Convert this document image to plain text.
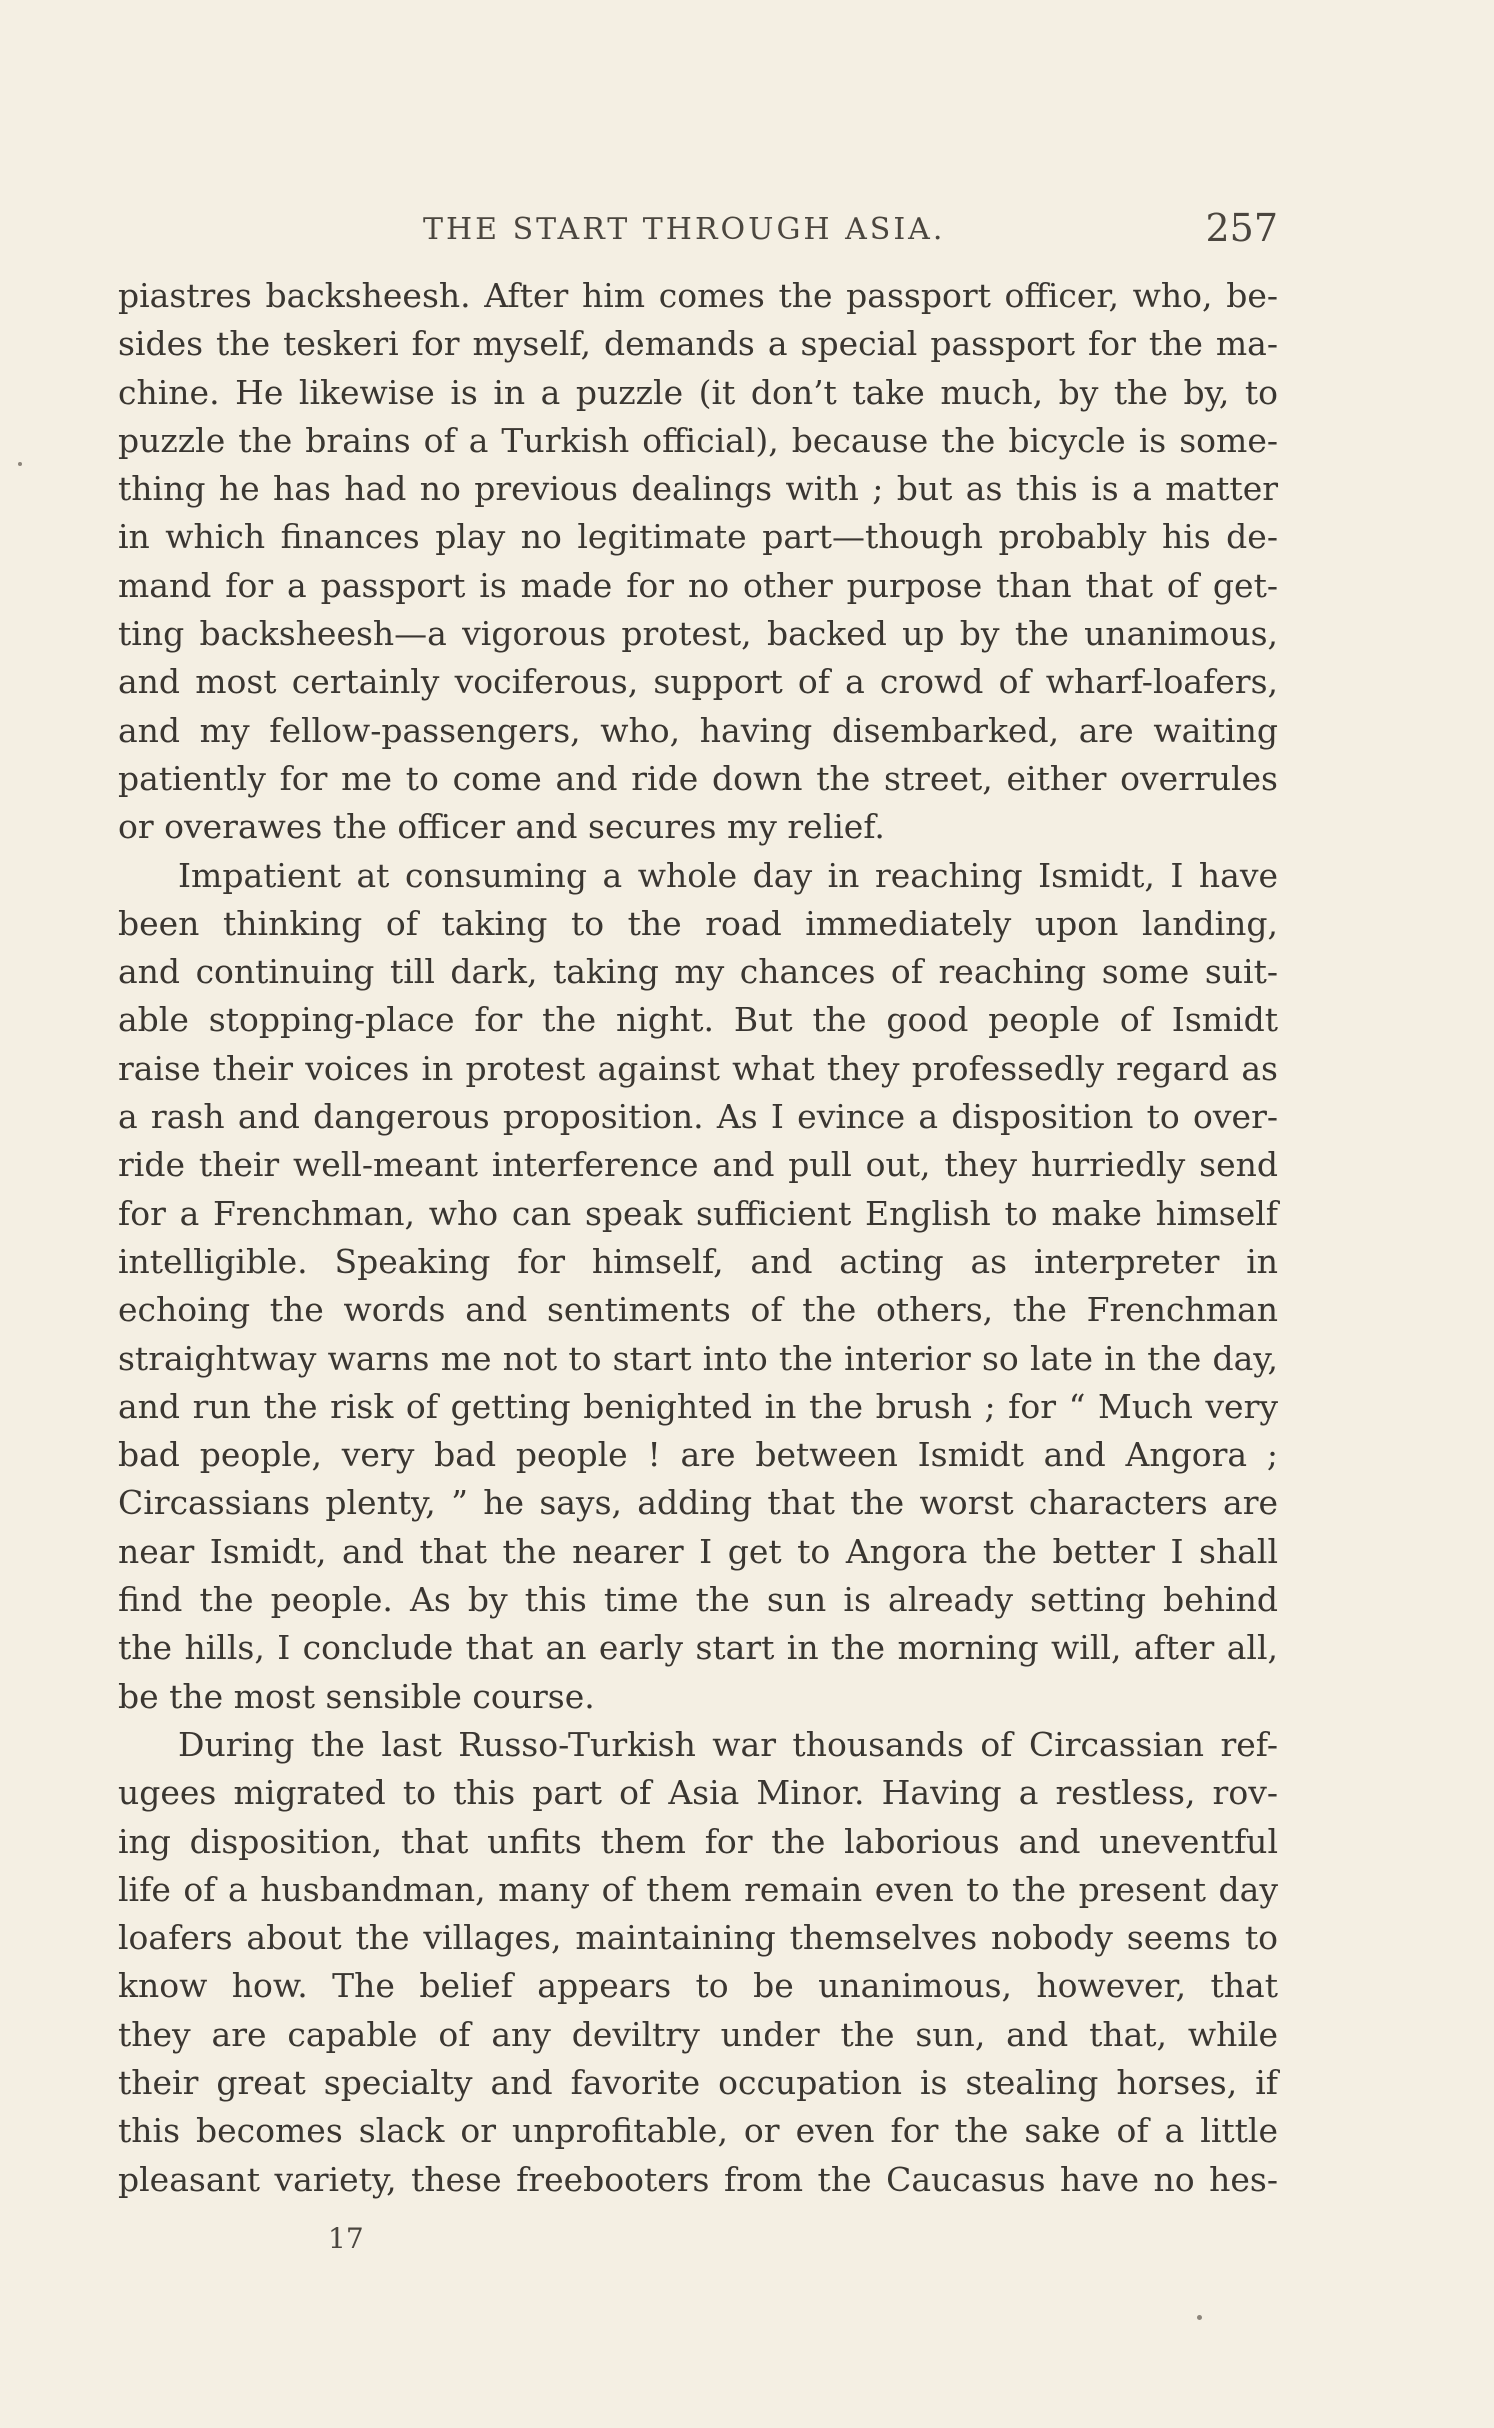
THE START THROUGH ASIA.	257
piastres backsheesh. After him comes the passport officer, who, be-
sides the teskeri for myself, demands a special passport for the ma-
chine. He likewise is in a puzzle (it don’t take much, by the by, to
puzzle the brains of a Turkish official), because the bicycle is some-
thing he has had no previous dealings with ; but as this is a matter
in which finances play no legitimate part—though probably his de-
mand for a passport is made for no other purpose than that of get-
ting backsheesh—a vigorous protest, backed up by the unanimous,
and most certainly vociferous, support of a crowd of wharf-loafers,
and my fellow-passengers, who, having disembarked, are waiting
patiently for me to come and ride down the street, either overrules
or overawes the officer and secures my relief.
Impatient at consuming a whole day in reaching Ismidt, I have
been thinking of taking to the road immediately upon landing,
and continuing till dark, taking my chances of reaching some suit-
able stopping-place for the night. But the good people of Ismidt
raise their voices in protest against what they professedly regard as
a rash and dangerous proposition. As I evince a disposition to over-
ride their well-meant interference and pull out, they hurriedly send
for a Frenchman, who can speak sufficient English to make himself
intelligible. Speaking for himself, and acting as interpreter in
echoing the words and sentiments of the others, the Frenchman
straightway warns me not to start into the interior so late in the day,
and run the risk of getting benighted in the brush ; for “ Much very
bad people, very bad people ! are between Ismidt and Angora ;
Circassians plenty, ” he says, adding that the worst characters are
near Ismidt, and that the nearer I get to Angora the better I shall
find the people. As by this time the sun is already setting behind
the hills, I conclude that an early start in the morning will, after all,
be the most sensible course.
During the last Russo-Turkish war thousands of Circassian ref-
ugees migrated to this part of Asia Minor. Having a restless, rov-
ing disposition, that unfits them for the laborious and uneventful
life of a husbandman, many of them remain even to the present day
loafers about the villages, maintaining themselves nobody seems to
know how. The belief appears to be unanimous, however, that
they are capable of any deviltry under the sun, and that, while
their great specialty and favorite occupation is stealing horses, if
this becomes slack or unprofitable, or even for the sake of a little
pleasant variety, these freebooters from the Caucasus have no hes-
17
